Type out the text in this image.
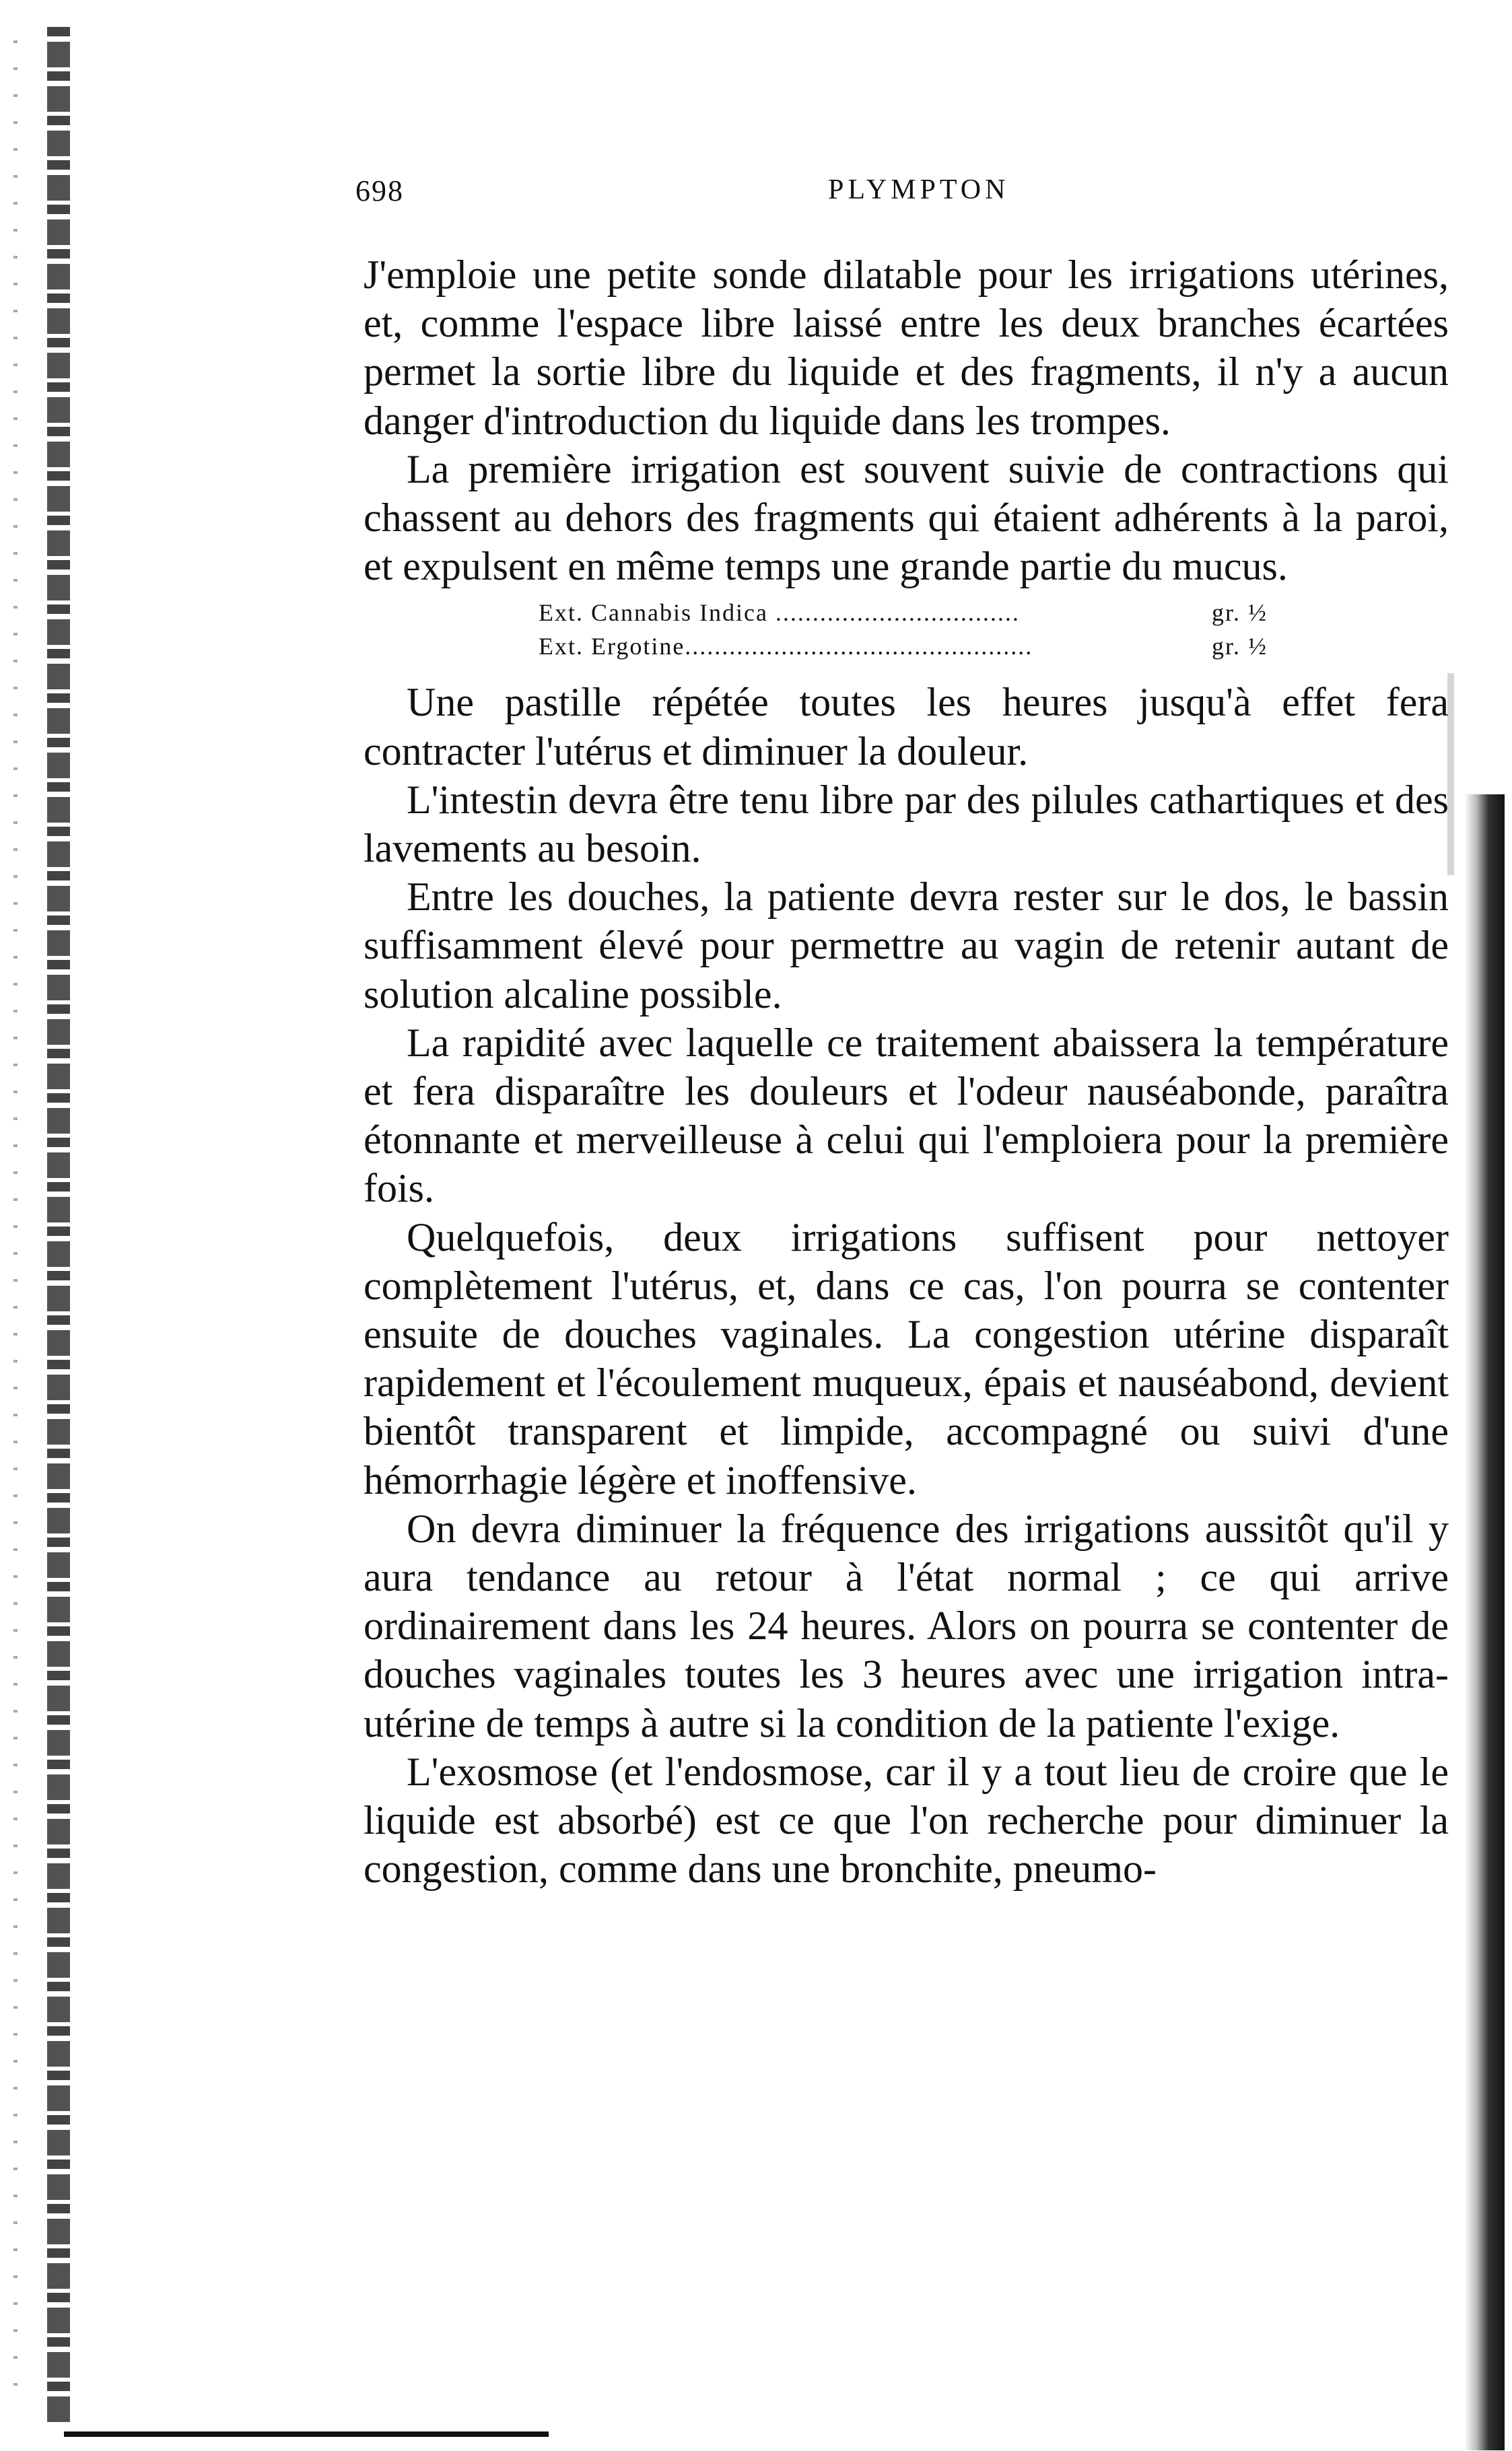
698	PLYMPTON

J'emploie une petite sonde dilatable pour les irrigations utérines, et, comme l'espace libre laissé entre les deux branches écartées permet la sortie libre du liquide et des fragments, il n'y a aucun danger d'introduction du liquide dans les trompes.

La première irrigation est souvent suivie de contractions qui chassent au dehors des fragments qui étaient adhérents à la paroi, et expulsent en même temps une grande partie du mucus.

Ext. Cannabis Indica .................................	gr. ½
Ext. Ergotine...............................................	gr. ½

Une pastille répétée toutes les heures jusqu'à effet fera contracter l'utérus et diminuer la douleur.

L'intestin devra être tenu libre par des pilules cathartiques et des lavements au besoin.

Entre les douches, la patiente devra rester sur le dos, le bassin suffisamment élevé pour permettre au vagin de retenir autant de solution alcaline possible.

La rapidité avec laquelle ce traitement abaissera la température et fera disparaître les douleurs et l'odeur nauséabonde, paraîtra étonnante et merveilleuse à celui qui l'emploiera pour la première fois.

Quelquefois, deux irrigations suffisent pour nettoyer complètement l'utérus, et, dans ce cas, l'on pourra se contenter ensuite de douches vaginales. La congestion utérine disparaît rapidement et l'écoulement muqueux, épais et nauséabond, devient bientôt transparent et limpide, accompagné ou suivi d'une hémorrhagie légère et inoffensive.

On devra diminuer la fréquence des irrigations aussitôt qu'il y aura tendance au retour à l'état normal ; ce qui arrive ordinairement dans les 24 heures. Alors on pourra se contenter de douches vaginales toutes les 3 heures avec une irrigation intra-utérine de temps à autre si la condition de la patiente l'exige.

L'exosmose (et l'endosmose, car il y a tout lieu de croire que le liquide est absorbé) est ce que l'on recherche pour diminuer la congestion, comme dans une bronchite, pneumo-
